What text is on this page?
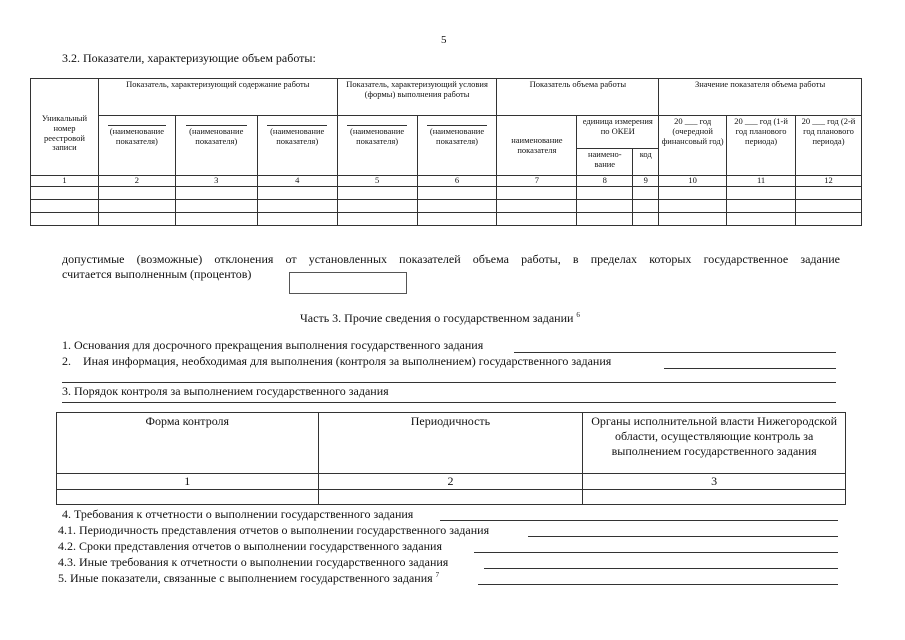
5
3.2. Показатели, характеризующие объем работы:
Уникальный номер реестровой записи	Показатель, характеризующий содержание работы			Показатель, характеризующий условия (формы) выполнения работы		Показатель объема работы			Значение показателя объема работы		
	(наименование показателя)	(наименование показателя)	(наименование показателя)	(наименование показателя)	(наименование показателя)	наименование показателя	единица измерения по ОКЕИ		20 ___ год (очередной финансовый год)	20 ___ год (1-й год планового периода)	20 ___ год (2-й год планового периода)
							наимено-вание	код			
1	2	3	4	5	6	7	8	9	10	11	12

допустимые (возможные) отклонения от установленных показателей объема работы, в пределах которых государственное задание
считается выполненным (процентов)
Часть 3. Прочие сведения о государственном задании $^6$
1. Основания для досрочного прекращения выполнения государственного задания
2. Иная информация, необходимая для выполнения (контроля за выполнением) государственного задания
3. Порядок контроля за выполнением государственного задания
Форма контроля	Периодичность	Органы исполнительной власти Нижегородской области, осуществляющие контроль за выполнением государственного задания
1	2	3

4. Требования к отчетности о выполнении государственного задания
4.1. Периодичность представления отчетов о выполнении государственного задания
4.2. Сроки представления отчетов о выполнении государственного задания
4.3. Иные требования к отчетности о выполнении государственного задания
5. Иные показатели, связанные с выполнением государственного задания $^7$
